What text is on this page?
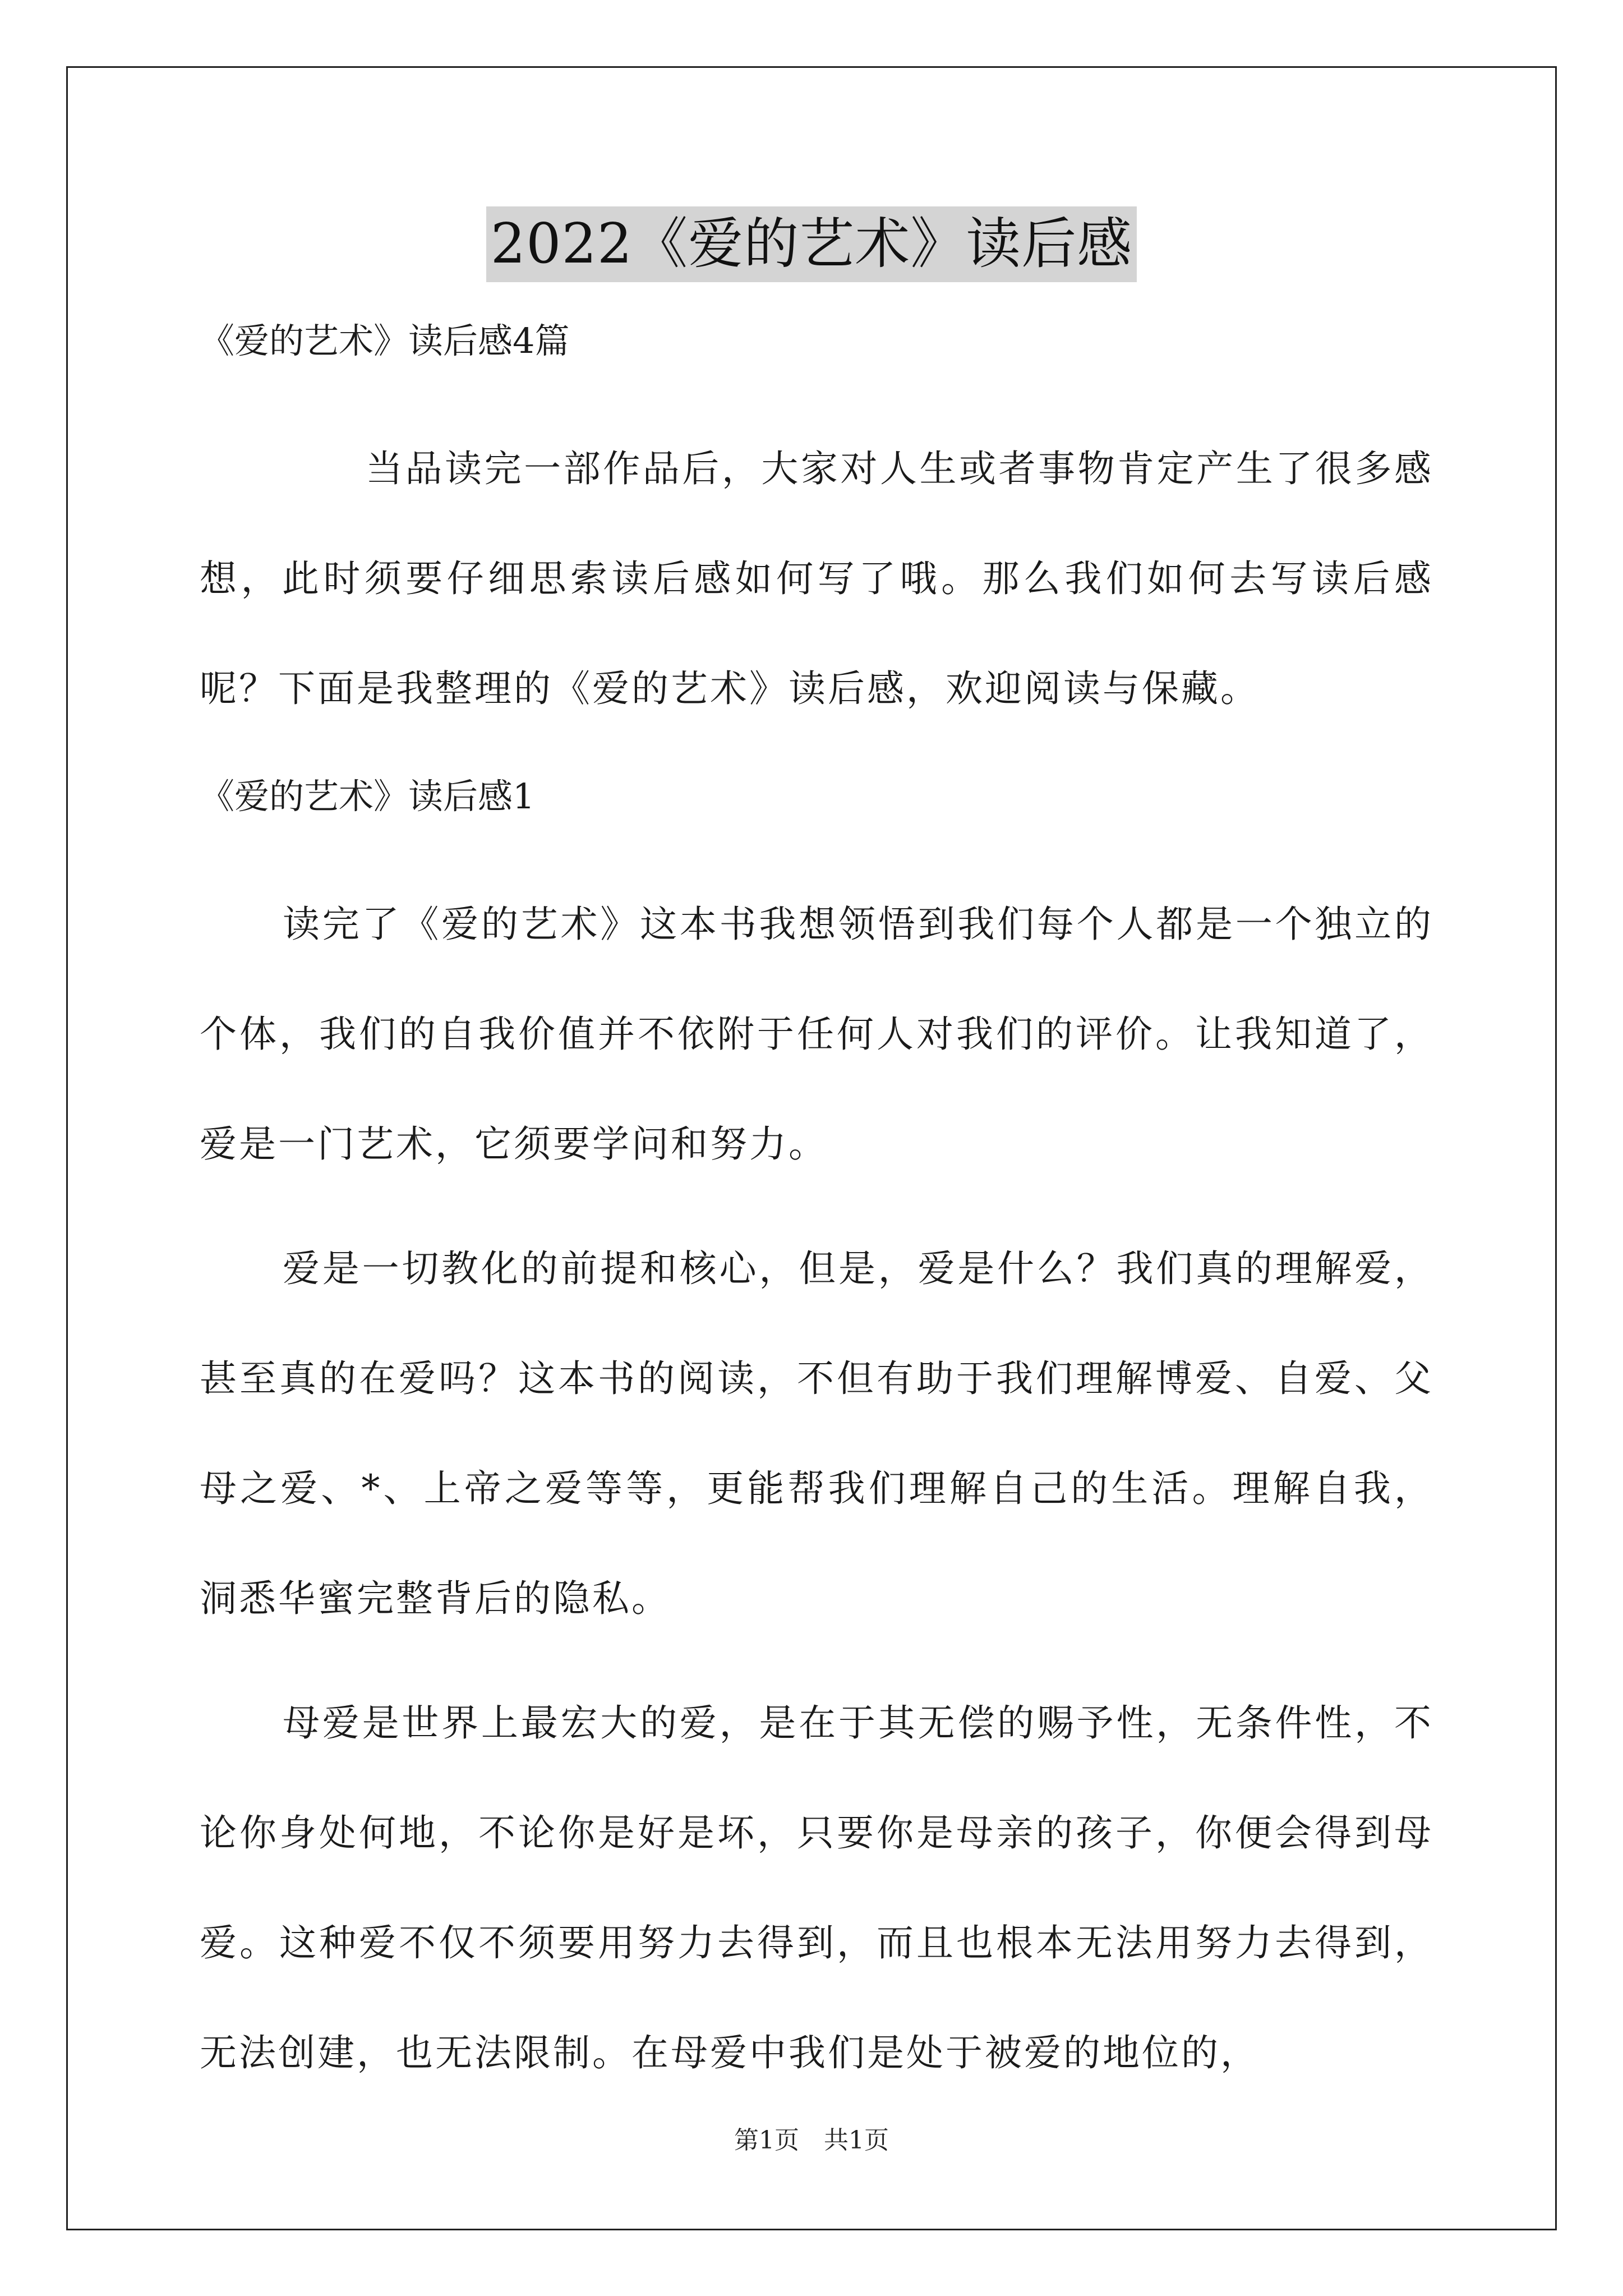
2022《爱的艺术》读后感
《爱的艺术》读后感4篇

当品读完一部作品后，大家对人生或者事物肯定产生了很多感想，此时须要仔细思索读后感如何写了哦。那么我们如何去写读后感呢？下面是我整理的《爱的艺术》读后感，欢迎阅读与保藏。

《爱的艺术》读后感1

读完了《爱的艺术》这本书我想领悟到我们每个人都是一个独立的个体，我们的自我价值并不依附于任何人对我们的评价。让我知道了，爱是一门艺术，它须要学问和努力。

爱是一切教化的前提和核心，但是，爱是什么？我们真的理解爱，甚至真的在爱吗？这本书的阅读，不但有助于我们理解博爱、自爱、父母之爱、*、上帝之爱等等，更能帮我们理解自己的生活。理解自我，洞悉华蜜完整背后的隐私。

母爱是世界上最宏大的爱，是在于其无偿的赐予性，无条件性，不论你身处何地，不论你是好是坏，只要你是母亲的孩子，你便会得到母爱。这种爱不仅不须要用努力去得到，而且也根本无法用努力去得到，无法创建，也无法限制。在母爱中我们是处于被爱的地位的，

第1页　共1页
